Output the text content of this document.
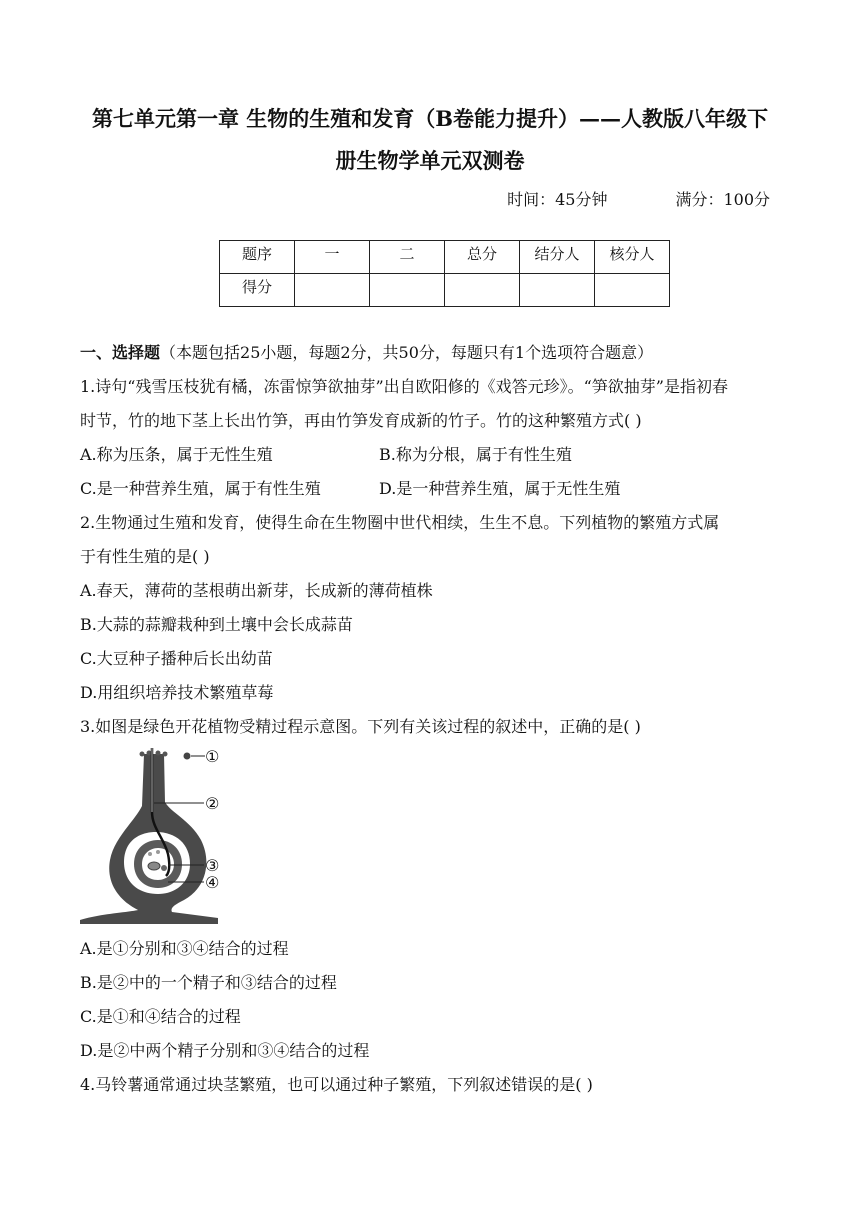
第七单元第一章 生物的生殖和发育（B卷能力提升）——人教版八年级下
册生物学单元双测卷
时间：45分钟	满分：100分
题序	一	二	总分	结分人	核分人
得分					
一、选择题（本题包括25小题，每题2分，共50分，每题只有1个选项符合题意）
1.诗句“残雪压枝犹有橘，冻雷惊笋欲抽芽”出自欧阳修的《戏答元珍》。“笋欲抽芽”是指初春
时节，竹的地下茎上长出竹笋，再由竹笋发育成新的竹子。竹的这种繁殖方式( )
A.称为压条，属于无性生殖	B.称为分根，属于有性生殖
C.是一种营养生殖，属于有性生殖	D.是一种营养生殖，属于无性生殖
2.生物通过生殖和发育，使得生命在生物圈中世代相续，生生不息。下列植物的繁殖方式属
于有性生殖的是( )
A.春天，薄荷的茎根萌出新芽，长成新的薄荷植株
B.大蒜的蒜瓣栽种到土壤中会长成蒜苗
C.大豆种子播种后长出幼苗
D.用组织培养技术繁殖草莓
3.如图是绿色开花植物受精过程示意图。下列有关该过程的叙述中，正确的是( )
①
②
③
④
A.是①分别和③④结合的过程
B.是②中的一个精子和③结合的过程
C.是①和④结合的过程
D.是②中两个精子分别和③④结合的过程
4.马铃薯通常通过块茎繁殖，也可以通过种子繁殖，下列叙述错误的是( )
